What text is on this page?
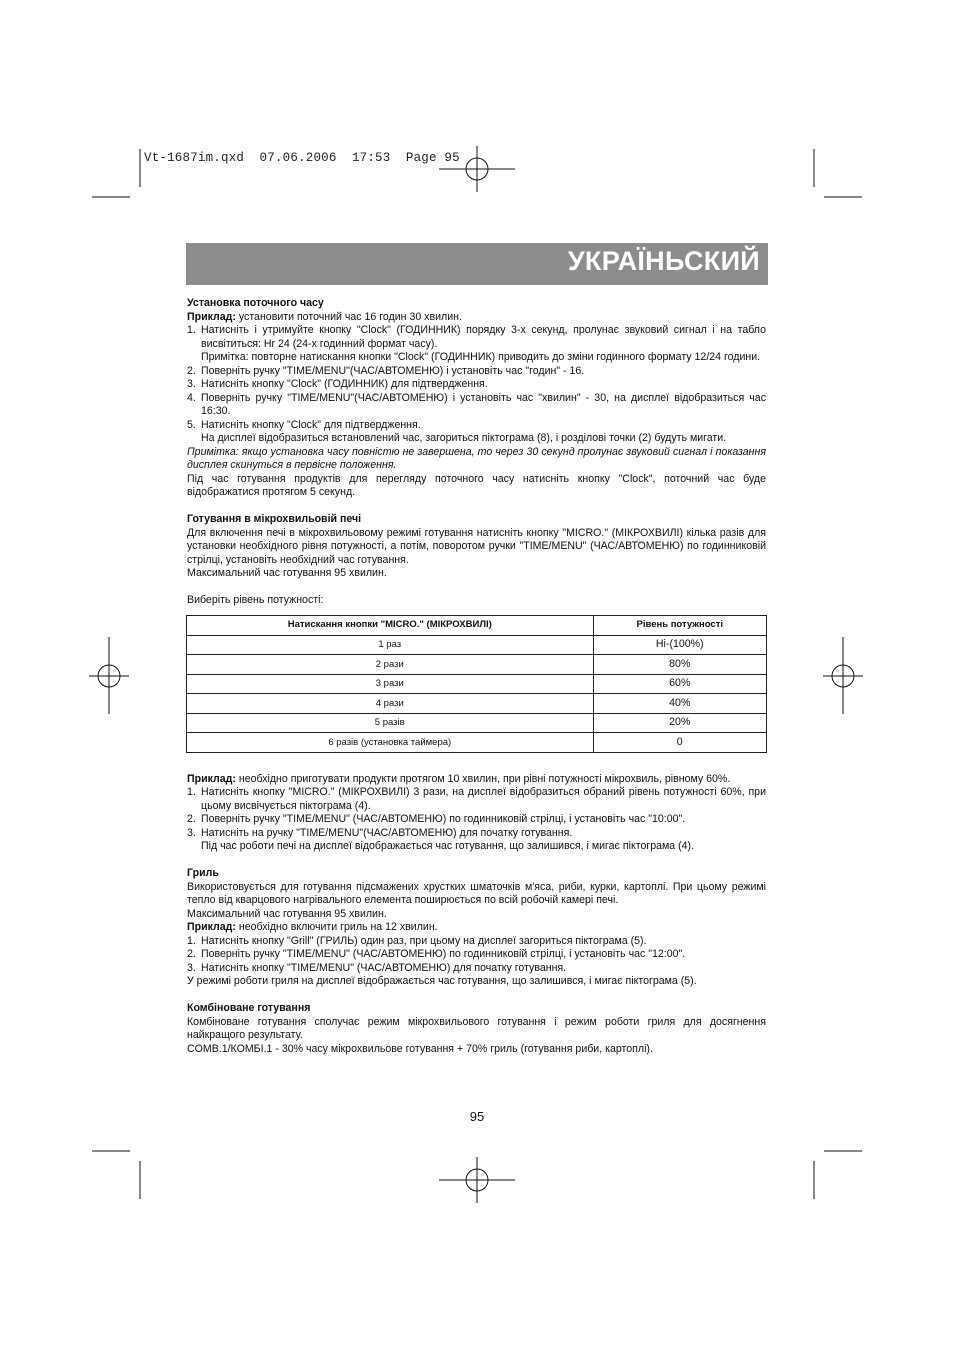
Vt-1687im.qxd 07.06.2006 17:53 Page 95
УКРАЇНЬСКИЙ

Установка поточного часу

Приклад: установити поточний час 16 годин 30 хвилин.

1. Натисніть і утримуйте кнопку "Clock" (ГОДИННИК) порядку 3-х секунд, пролунає звуковий сигнал і на табло висвітиться: Hr 24 (24-х годинний формат часу).

Примітка: повторне натискання кнопки "Clock" (ГОДИННИК) приводить до зміни годинного формату 12/24 години.

2. Поверніть ручку "TIME/MENU"(ЧАС/АВТОМЕНЮ) і установіть час "годин" - 16.
3. Натисніть кнопку "Clock" (ГОДИННИК) для підтвердження.
4. Поверніть ручку "TIME/MENU"(ЧАС/АВТОМЕНЮ) і установіть час "хвилин" - 30, на дисплеї відобразиться час 16:30.
5. Натисніть кнопку "Clock" для підтвердження.

На дисплеї відобразиться встановлений час, загориться піктограма (8), і розділові точки (2) будуть мигати.

Примітка: якщо установка часу повністю не завершена, то через 30 секунд пролунає звуковий сигнал і показання дисплея скинуться в первісне положення.

Під час готування продуктів для перегляду поточного часу натисніть кнопку "Clock", поточний час буде відображатися протягом 5 секунд.

Готування в мікрохвильовій печі

Для включення печі в мікрохвильовому режимі готування натисніть кнопку "MICRO." (МІКРОХВИЛІ) кілька разів для установки необхідного рівня потужності, а потім, поворотом ручки "TIME/MENU" (ЧАС/АВТОМЕНЮ) по годинниковій стрілці, установіть необхідний час готування.

Максимальний час готування 95 хвилин.

Виберіть рівень потужності:

Натискання кнопки "MICRO." (МІКРОХВИЛІ)	Рівень потужності
1 раз	Hi-(100%)
2 рази	80%
3 рази	60%
4 рази	40%
5 разів	20%
6 разів (установка таймера)	0

Приклад: необхідно приготувати продукти протягом 10 хвилин, при рівні потужності мікрохвиль, рівному 60%.

1. Натисніть кнопку "MICRO." (МІКРОХВИЛІ) 3 рази, на дисплеї відобразиться обраний рівень потужності 60%, при цьому висвічується піктограма (4).
2. Поверніть ручку "TIME/MENU" (ЧАС/АВТОМЕНЮ) по годинниковій стрілці, і установіть час "10:00".
3. Натисніть на ручку "TIME/MENU"(ЧАС/АВТОМЕНЮ) для початку готування.

Під час роботи печі на дисплеї відображається час готування, що залишився, і мигає піктограма (4).

Гриль

Використовується для готування підсмажених хрустких шматочків м'яса, риби, курки, картоплі. При цьому режимі тепло від кварцового нагрівального елемента поширюється по всій робочій камері печі.

Максимальний час готування 95 хвилин.

Приклад: необхідно включити гриль на 12 хвилин.

1. Натисніть кнопку "Grill" (ГРИЛЬ) один раз, при цьому на дисплеї загориться піктограма (5).
2. Поверніть ручку "TIME/MENU" (ЧАС/АВТОМЕНЮ) по годинниковій стрілці, і установіть час "12:00".
3. Натисніть кнопку "TIME/MENU" (ЧАС/АВТОМЕНЮ) для початку готування.

У режимі роботи гриля на дисплеї відображається час готування, що залишився, і мигає піктограма (5).

Комбіноване готування

Комбіноване готування сполучає режим мікрохвильового готування і режим роботи гриля для досягнення найкращого результату.

COMB.1/КОМБІ.1 - 30% часу мікрохвильове готування + 70% гриль (готування риби, картоплі).

95
